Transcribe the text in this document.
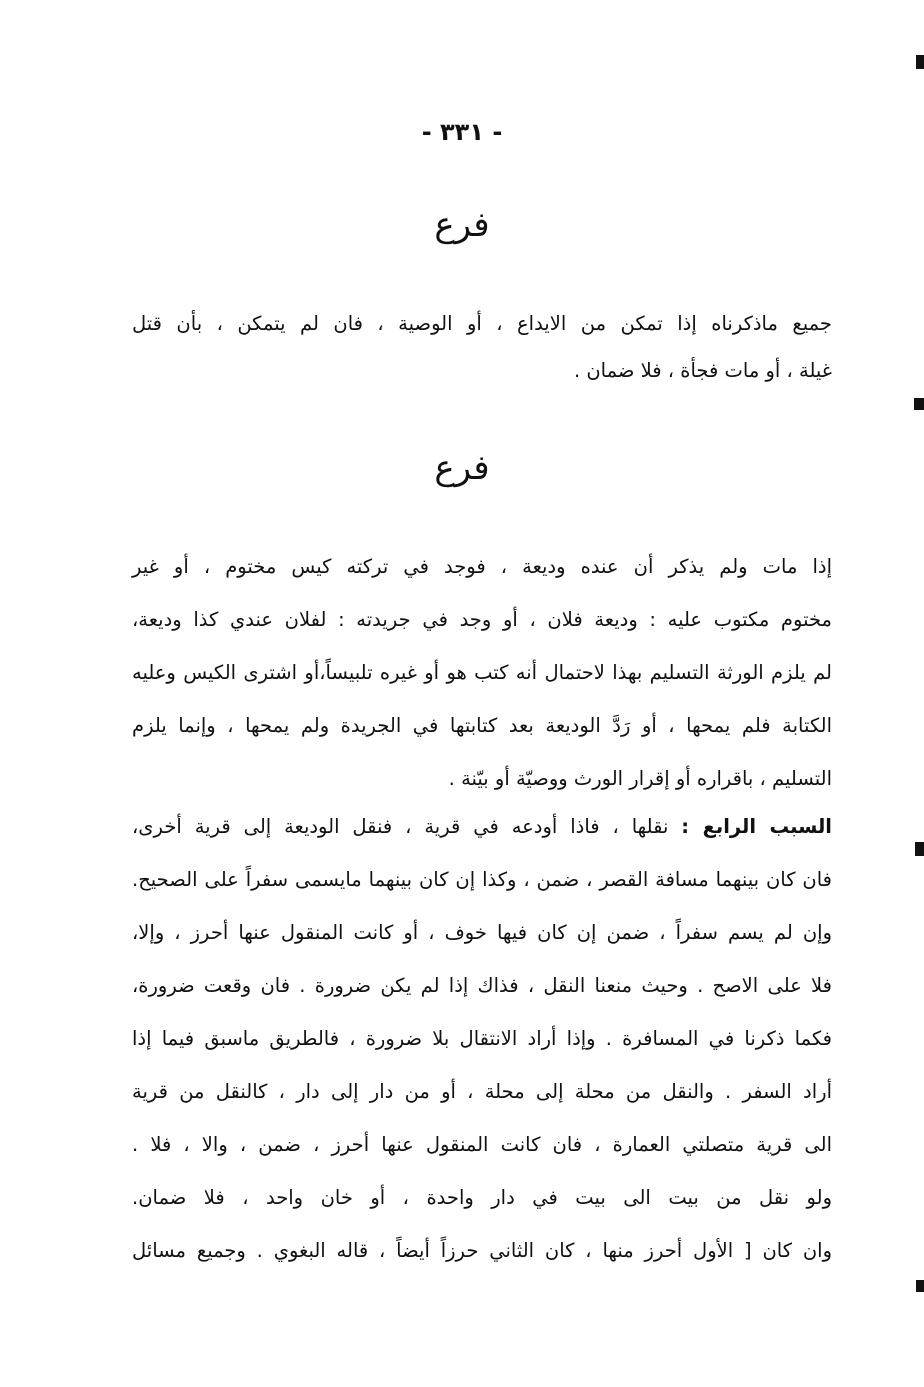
- ٣٣١ -
فرع
جميع ماذكرناه إذا تمكن من الايداع ، أو الوصية ، فان لم يتمكن ، بأن قتل
غيلة ، أو مات فجأة ، فلا ضمان .
فرع
إذا مات ولم يذكر أن عنده وديعة ، فوجد في تركته كيس مختوم ، أو غير
مختوم مكتوب عليه : وديعة فلان ، أو وجد في جريدته : لفلان عندي كذا وديعة،
لم يلزم الورثة التسليم بهذا لاحتمال أنه كتب هو أو غيره تلبيساً،أو اشترى الكيس وعليه
الكتابة فلم يمحها ، أو رَدَّ الوديعة بعد كتابتها في الجريدة ولم يمحها ، وإنما يلزم
التسليم ، باقراره أو إقرار الورث ووصيّة أو بيّنة .
السبب الرابع : نقلها ، فاذا أودعه في قرية ، فنقل الوديعة إلى قرية أخرى،
فان كان بينهما مسافة القصر ، ضمن ، وكذا إن كان بينهما مايسمى سفراً على الصحيح.
وإن لم يسم سفراً ، ضمن إن كان فيها خوف ، أو كانت المنقول عنها أحرز ، وإلا،
فلا على الاصح . وحيث منعنا النقل ، فذاك إذا لم يكن ضرورة . فان وقعت ضرورة،
فكما ذكرنا في المسافرة . وإذا أراد الانتقال بلا ضرورة ، فالطريق ماسبق فيما إذا
أراد السفر . والنقل من محلة إلى محلة ، أو من دار إلى دار ، كالنقل من قرية
الى قرية متصلتي العمارة ، فان كانت المنقول عنها أحرز ، ضمن ، والا ، فلا .
ولو نقل من بيت الى بيت في دار واحدة ، أو خان واحد ، فلا ضمان.
وان كان [ الأول أحرز منها ، كان الثاني حرزاً أيضاً ، قاله البغوي . وجميع مسائل
